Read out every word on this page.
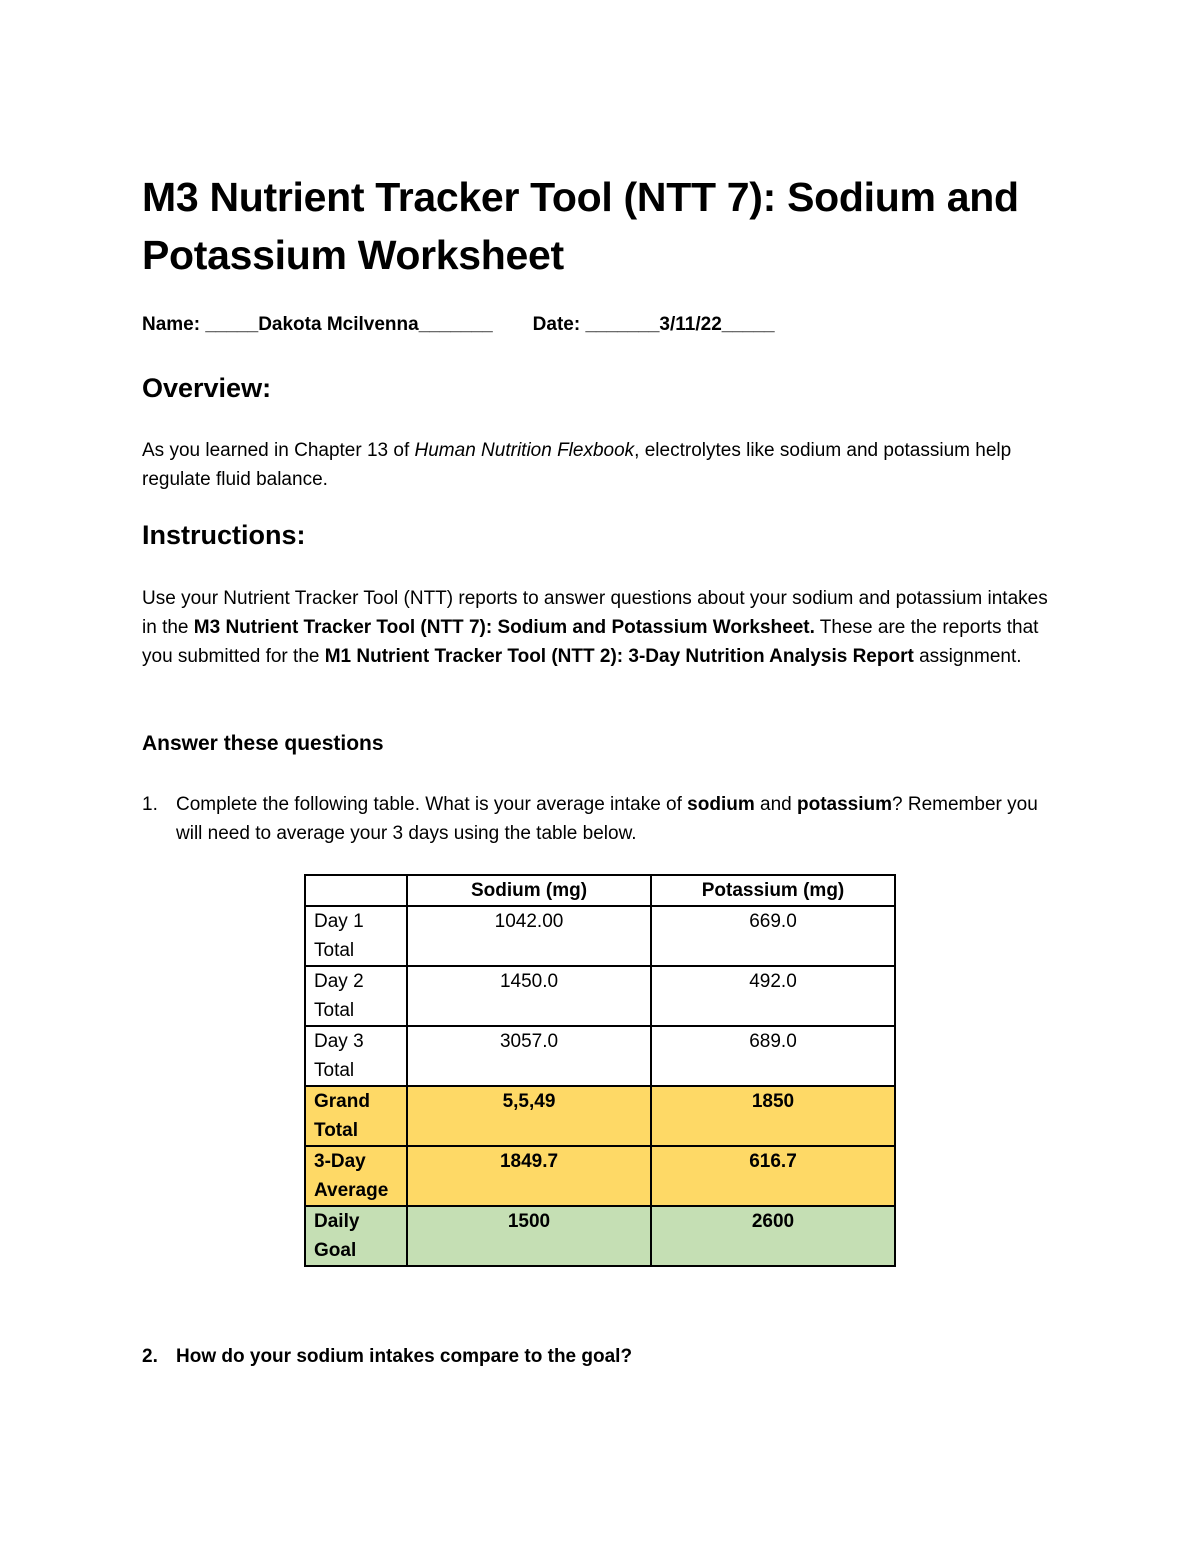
M3 Nutrient Tracker Tool (NTT 7): Sodium and Potassium Worksheet
Name: _____Dakota Mcilvenna_______ Date: _______3/11/22_____
Overview:

As you learned in Chapter 13 of Human Nutrition Flexbook, electrolytes like sodium and potassium help regulate fluid balance.

Instructions:

Use your Nutrient Tracker Tool (NTT) reports to answer questions about your sodium and potassium intakes in the M3 Nutrient Tracker Tool (NTT 7): Sodium and Potassium Worksheet. These are the reports that you submitted for the M1 Nutrient Tracker Tool (NTT 2): 3-Day Nutrition Analysis Report assignment.

Answer these questions
1. Complete the following table. What is your average intake of sodium and potassium? Remember you will need to average your 3 days using the table below.
	Sodium (mg)	Potassium (mg)
Day 1 Total	1042.00	669.0
Day 2 Total	1450.0	492.0
Day 3 Total	3057.0	689.0
Grand Total	5,5,49	1850
3-Day Average	1849.7	616.7
Daily Goal	1500	2600
2. How do your sodium intakes compare to the goal?
